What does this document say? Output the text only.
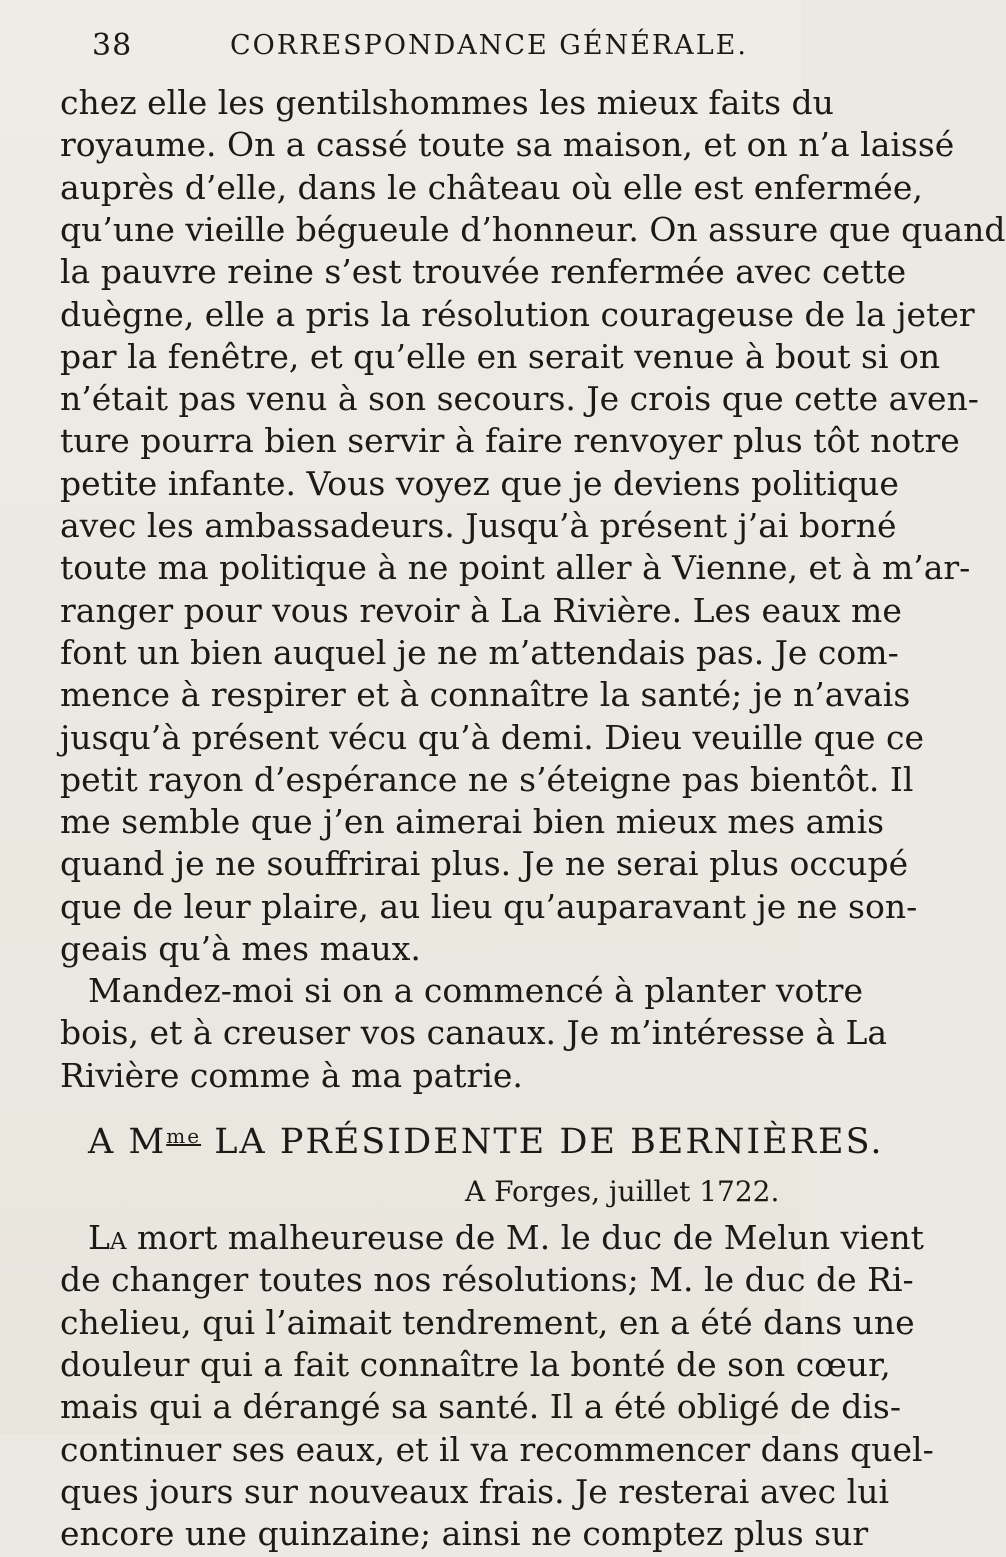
38	CORRESPONDANCE GÉNÉRALE.
chez elle les gentilshommes les mieux faits du
royaume. On a cassé toute sa maison, et on n’a laissé
auprès d’elle, dans le château où elle est enfermée,
qu’une vieille bégueule d’honneur. On assure que quand
la pauvre reine s’est trouvée renfermée avec cette
duègne, elle a pris la résolution courageuse de la jeter
par la fenêtre, et qu’elle en serait venue à bout si on
n’était pas venu à son secours. Je crois que cette aven-
ture pourra bien servir à faire renvoyer plus tôt notre
petite infante. Vous voyez que je deviens politique
avec les ambassadeurs. Jusqu’à présent j’ai borné
toute ma politique à ne point aller à Vienne, et à m’ar-
ranger pour vous revoir à La Rivière. Les eaux me
font un bien auquel je ne m’attendais pas. Je com-
mence à respirer et à connaître la santé; je n’avais
jusqu’à présent vécu qu’à demi. Dieu veuille que ce
petit rayon d’espérance ne s’éteigne pas bientôt. Il
me semble que j’en aimerai bien mieux mes amis
quand je ne souffrirai plus. Je ne serai plus occupé
que de leur plaire, au lieu qu’auparavant je ne son-
geais qu’à mes maux.
Mandez-moi si on a commencé à planter votre
bois, et à creuser vos canaux. Je m’intéresse à La
Rivière comme à ma patrie.
A $M^{me}$ LA PRÉSIDENTE DE BERNIÈRES.
A Forges, juillet 1722.
La mort malheureuse de M. le duc de Melun vient
de changer toutes nos résolutions; M. le duc de Ri-
chelieu, qui l’aimait tendrement, en a été dans une
douleur qui a fait connaître la bonté de son cœur,
mais qui a dérangé sa santé. Il a été obligé de dis-
continuer ses eaux, et il va recommencer dans quel-
ques jours sur nouveaux frais. Je resterai avec lui
encore une quinzaine; ainsi ne comptez plus sur
